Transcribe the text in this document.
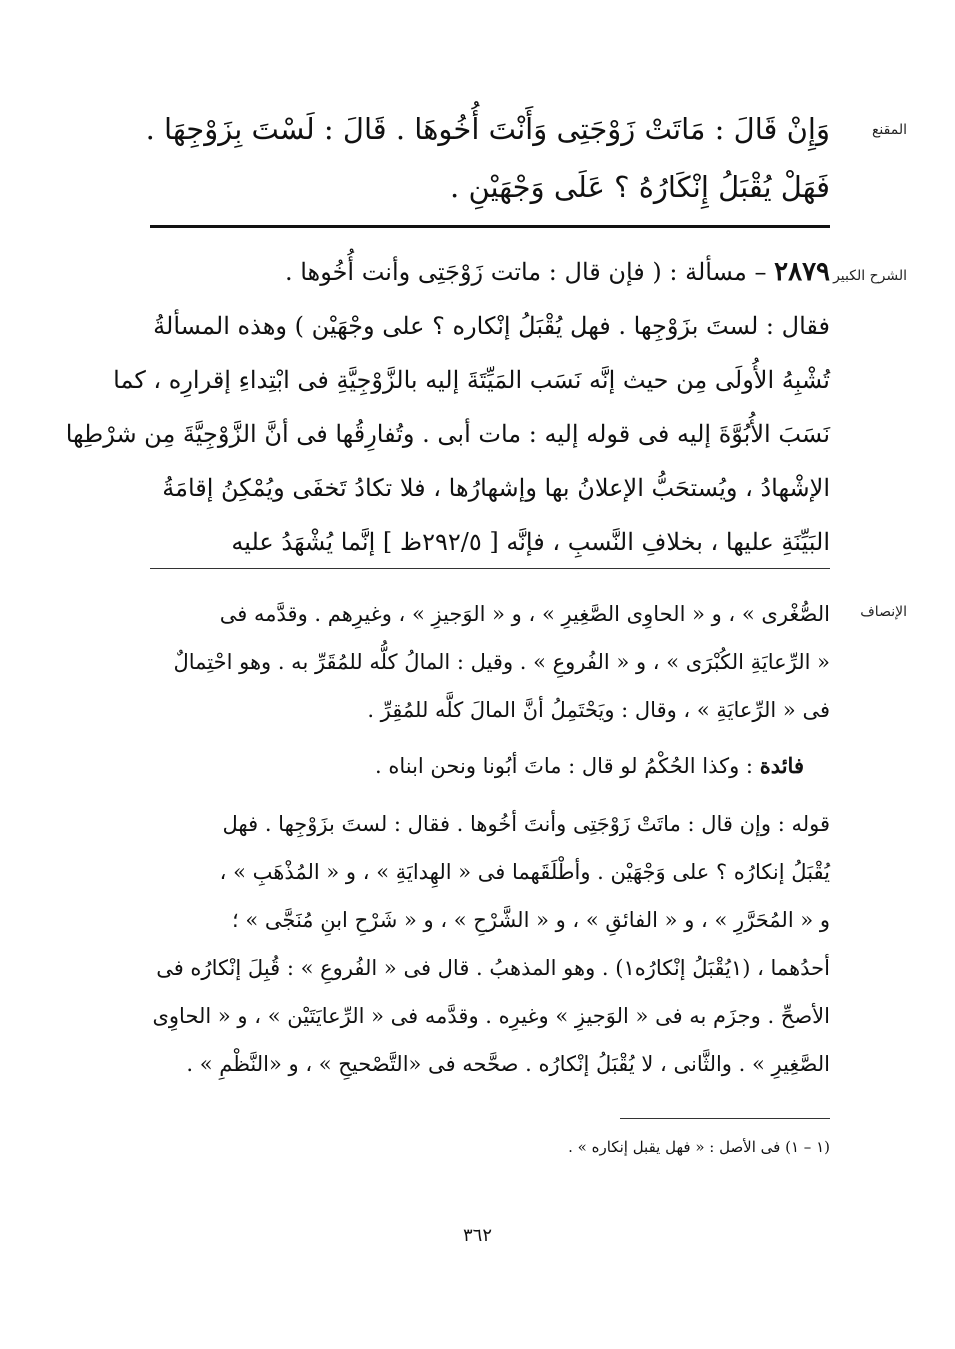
المقنع
وَإِنْ قَالَ : مَاتَتْ زَوْجَتِى وَأَنْتَ أُخُوهَا . قَالَ : لَسْتَ بِزَوْجِهَا .
فَهَلْ يُقْبَلُ إِنْكَارُهُ ؟ عَلَى وَجْهَيْنِ .
الشرح الكبير
٢٨٧٩ – مسألة : ( فإن قال : ماتت زَوْجَتِى وأنت أُخُوها .
فقال : لستَ بزَوْجِها . فهل يُقْبَلُ إنْكاره ؟ على وجْهَيْن ) وهذه المسألةُ
تُشْبِهُ الأُولَى مِن حيث إنَّه نَسَب المَيِّتَةَ إليه بالزَّوْجِيَّةِ فى ابْتِداءِ إقرارِه ، كما
نَسَبَ الأُبُوَّةَ إليه فى قوله إليه : مات أبى . وتُفارِقُها فى أنَّ الزَّوْجِيَّةَ مِن شرْطِها
الإشْهادُ ، ويُستحَبُّ الإعلانُ بها وإشهارُها ، فلا تكادُ تَخفَى ويُمْكِنُ إقامَةُ
البَيِّنَةِ عليها ، بخلافِ النَّسبِ ، فإنَّه [ ٢٩٢/٥ظ ] إنَّما يُشْهَدُ عليه
الإنصاف
الصُّغْرى » ، و « الحاوِى الصَّغِيرِ » ، و « الوَجيزِ » ، وغيرِهم . وقدَّمه فى
« الرِّعايَةِ الكُبْرَى » ، و « الفُروعِ » . وقيل : المالُ كلُّه للمُقَرِّ به . وهو احْتِمالٌ
فى « الرِّعايَةِ » ، وقال : ويَحْتَمِلُ أنَّ المالَ كلَّه للمُقِرِّ .
فائدة : وكذا الحُكْمُ لو قال : ماتَ أبُونا ونحن ابناه .
قوله : وإن قال : ماتَتْ زَوْجَتِى وأنتَ أخُوها . فقال : لستَ بزَوْجِها . فهل
يُقْبَلُ إنكارُه ؟ على وَجْهَيْن . وأطْلَقَهما فى « الهِدايَةِ » ، و « المُذْهَبِ » ،
و « المُحَرَّرِ » ، و « الفائقِ » ، و « الشَّرْحِ » ، و « شَرْحِ ابنِ مُنَجَّى » ؛
أحدُهما ، (١يُقْبَلُ إنْكارُه١) . وهو المذهبُ . قال فى « الفُروعِ » : قُبِلَ إنْكارُه فى
الأصحِّ . وجزَم به فى « الوَجيزِ » وغيرِه . وقدَّمه فى « الرِّعايَتَيْن » ، و « الحاوِى
الصَّغِيرِ » . والثَّانى ، لا يُقْبَلُ إنْكارُه . صحَّحه فى «التَّصْحيحِ » ، و «النَّظْمِ » .
(١ – ١) فى الأصل : « فهل يقبل إنكاره » .
٣٦٢
